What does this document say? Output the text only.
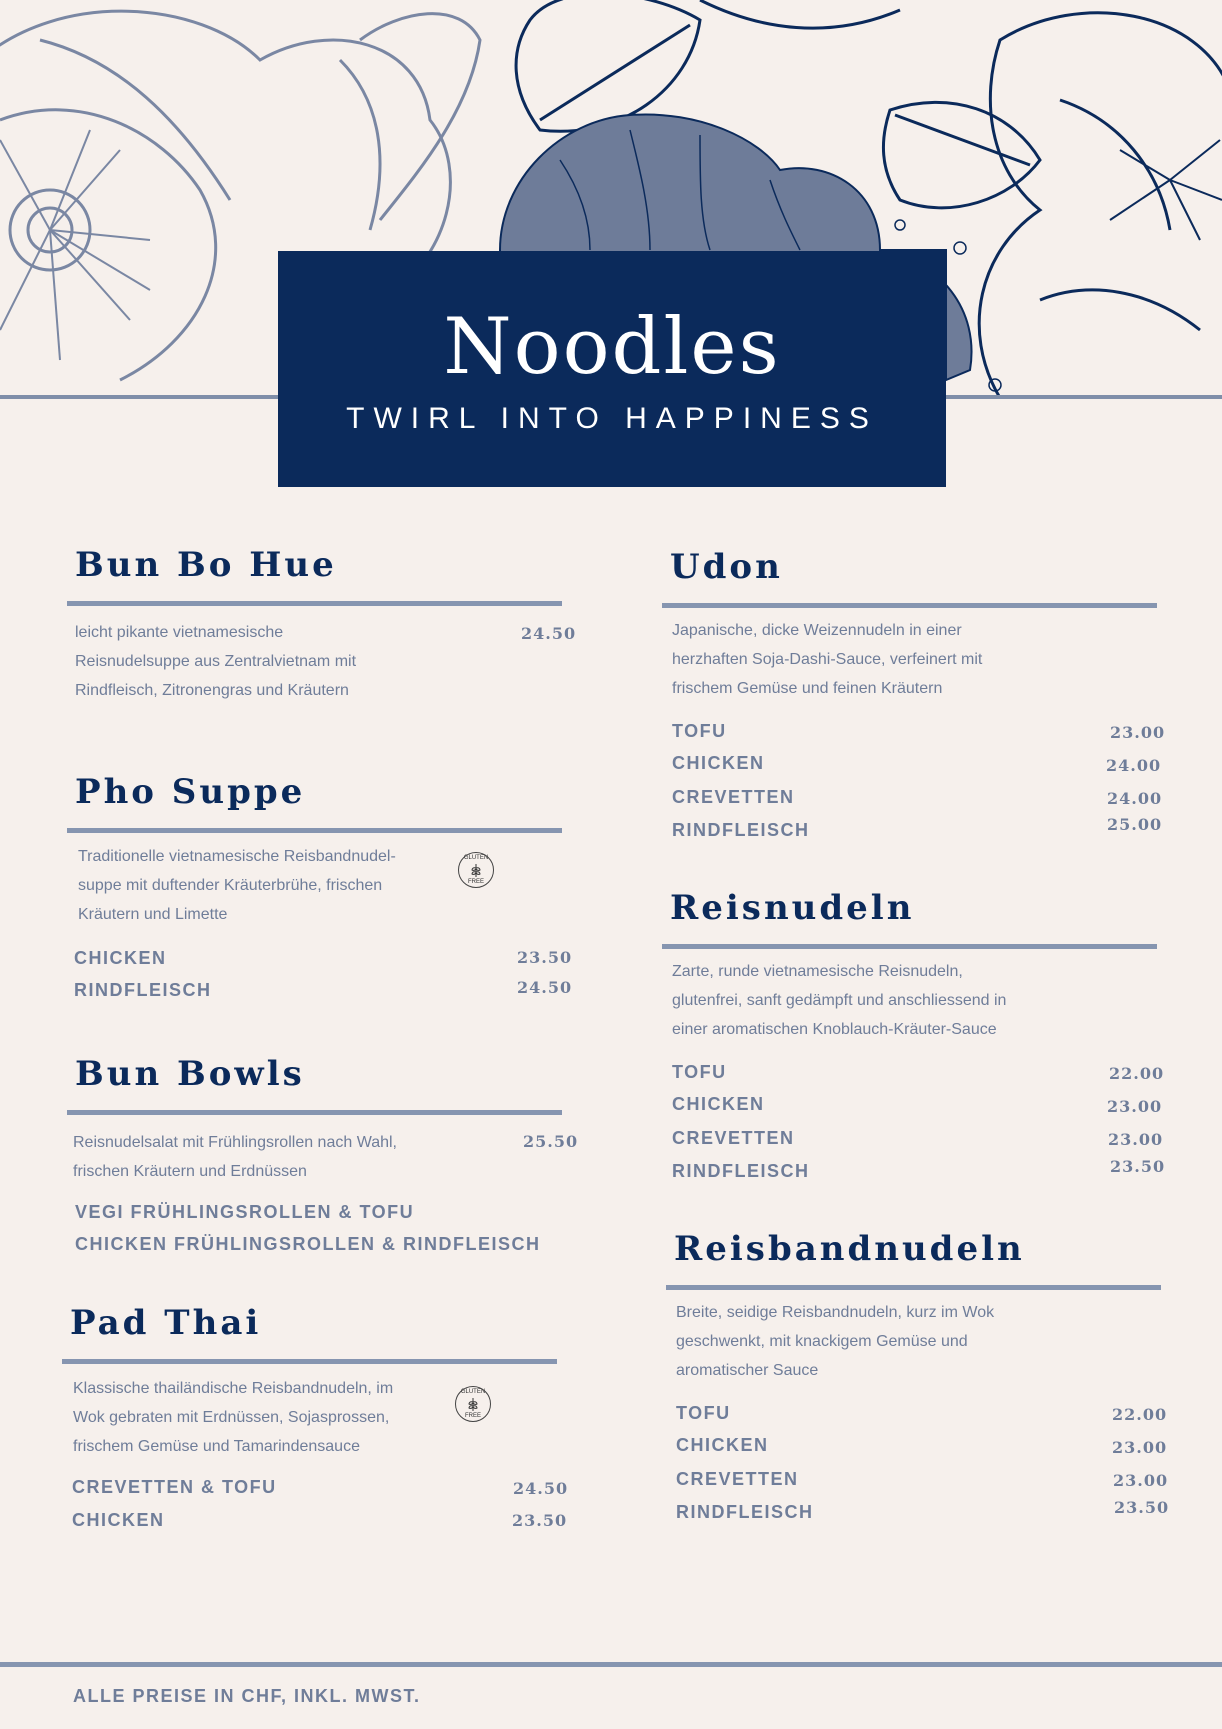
Noodles
TWIRL INTO HAPPINESS
Bun Bo Hue
leicht pikante vietnamesische
Reisnudelsuppe aus Zentralvietnam mit
Rindfleisch, Zitronengras und Kräutern
24.50
Pho Suppe
Traditionelle vietnamesische Reisbandnudel-
suppe mit duftender Kräuterbrühe, frischen
Kräutern und Limette
GLUTEN
FREE
CHICKEN	23.50
RINDFLEISCH	24.50
Bun Bowls
Reisnudelsalat mit Frühlingsrollen nach Wahl,
frischen Kräutern und Erdnüssen
25.50
VEGI FRÜHLINGSROLLEN & TOFU
CHICKEN FRÜHLINGSROLLEN & RINDFLEISCH
Pad Thai
Klassische thailändische Reisbandnudeln, im
Wok gebraten mit Erdnüssen, Sojasprossen,
frischem Gemüse und Tamarindensauce
GLUTEN
FREE
CREVETTEN & TOFU	24.50
CHICKEN	23.50
Udon
Japanische, dicke Weizennudeln in einer
herzhaften Soja-Dashi-Sauce, verfeinert mit
frischem Gemüse und feinen Kräutern
TOFU	23.00
CHICKEN	24.00
CREVETTEN	24.00
RINDFLEISCH	25.00
Reisnudeln
Zarte, runde vietnamesische Reisnudeln,
glutenfrei, sanft gedämpft und anschliessend in
einer aromatischen Knoblauch-Kräuter-Sauce
TOFU	22.00
CHICKEN	23.00
CREVETTEN	23.00
RINDFLEISCH	23.50
Reisbandnudeln
Breite, seidige Reisbandnudeln, kurz im Wok
geschwenkt, mit knackigem Gemüse und
aromatischer Sauce
TOFU	22.00
CHICKEN	23.00
CREVETTEN	23.00
RINDFLEISCH	23.50
ALLE PREISE IN CHF, INKL. MWST.
